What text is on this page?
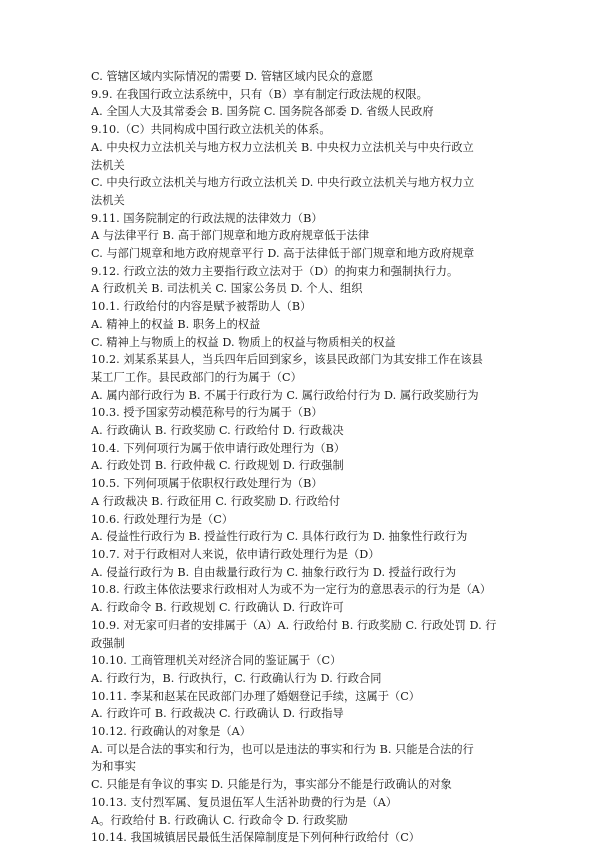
C. 管辖区域内实际情况的需要 D. 管辖区域内民众的意愿
9.9. 在我国行政立法系统中，只有（B）享有制定行政法规的权限。
A. 全国人大及其常委会 B. 国务院 C. 国务院各部委 D. 省级人民政府
9.10.（C）共同构成中国行政立法机关的体系。
A. 中央权力立法机关与地方权力立法机关 B. 中央权力立法机关与中央行政立
法机关
C. 中央行政立法机关与地方行政立法机关 D. 中央行政立法机关与地方权力立
法机关
9.11. 国务院制定的行政法规的法律效力（B）
A 与法律平行 B. 高于部门规章和地方政府规章低于法律
C. 与部门规章和地方政府规章平行 D. 高于法律低于部门规章和地方政府规章
9.12. 行政立法的效力主要指行政立法对于（D）的拘束力和强制执行力。
A 行政机关 B. 司法机关 C. 国家公务员 D. 个人、组织
10.1. 行政给付的内容是赋予被帮助人（B）
A. 精神上的权益 B. 职务上的权益
C. 精神上与物质上的权益 D. 物质上的权益与物质相关的权益
10.2. 刘某系某县人，当兵四年后回到家乡，该县民政部门为其安排工作在该县
某工厂工作。县民政部门的行为属于（C）
A. 属内部行政行为 B. 不属于行政行为 C. 属行政给付行为 D. 属行政奖励行为
10.3. 授予国家劳动模范称号的行为属于（B）
A. 行政确认 B. 行政奖励 C. 行政给付 D. 行政裁决
10.4. 下列何项行为属于依申请行政处理行为（B）
A. 行政处罚 B. 行政仲裁 C. 行政规划 D. 行政强制
10.5. 下列何项属于依职权行政处理行为（B）
A 行政裁决 B. 行政征用 C. 行政奖励 D. 行政给付
10.6. 行政处理行为是（C）
A. 侵益性行政行为 B. 授益性行政行为 C. 具体行政行为 D. 抽象性行政行为
10.7. 对于行政相对人来说，依申请行政处理行为是（D）
A. 侵益行政行为 B. 自由裁量行政行为 C. 抽象行政行为 D. 授益行政行为
10.8. 行政主体依法要求行政相对人为或不为一定行为的意思表示的行为是（A）
A. 行政命令 B. 行政规划 C. 行政确认 D. 行政许可
10.9. 对无家可归者的安排属于（A）A. 行政给付 B. 行政奖励 C. 行政处罚 D. 行
政强制
10.10. 工商管理机关对经济合同的鉴证属于（C）
A. 行政行为，B. 行政执行，C. 行政确认行为 D. 行政合同
10.11. 李某和赵某在民政部门办理了婚姻登记手续，这属于（C）
A. 行政许可 B. 行政裁决 C. 行政确认 D. 行政指导
10.12. 行政确认的对象是（A）
A. 可以是合法的事实和行为，也可以是违法的事实和行为 B. 只能是合法的行
为和事实
C. 只能是有争议的事实 D. 只能是行为，事实部分不能是行政确认的对象
10.13. 支付烈军属、复员退伍军人生活补助费的行为是（A）
A。行政给付 B. 行政确认 C. 行政命令 D. 行政奖励
10.14. 我国城镇居民最低生活保障制度是下列何种行政给付（C）
